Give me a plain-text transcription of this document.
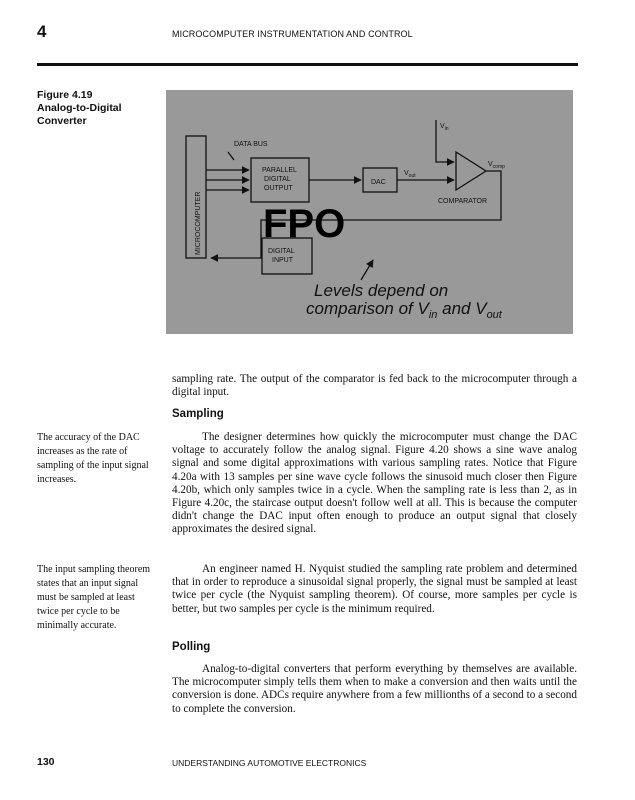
4	MICROCOMPUTER INSTRUMENTATION AND CONTROL
Figure 4.19
Analog-to-Digital
Converter
MICROCOMPUTER
DATA BUS
PARALLEL
DIGITAL
OUTPUT
DAC
$V_{out}$
$V_{in}$
$V_{comp}$
COMPARATOR
DIGITAL
INPUT
FPO
Levels depend on
comparison of $V_{in}$ and $V_{out}$
sampling rate. The output of the comparator is fed back to the microcomputer through a digital input.
Sampling
The accuracy of the DAC increases as the rate of sampling of the input signal increases.
The designer determines how quickly the microcomputer must change the DAC voltage to accurately follow the analog signal. Figure 4.20 shows a sine wave analog signal and some digital approximations with various sampling rates. Notice that Figure 4.20a with 13 samples per sine wave cycle follows the sinusoid much closer then Figure 4.20b, which only samples twice in a cycle. When the sampling rate is less than 2, as in Figure 4.20c, the staircase output doesn't follow well at all. This is because the computer didn't change the DAC input often enough to produce an output signal that closely approximates the desired signal.
The input sampling theorem states that an input signal must be sampled at least twice per cycle to be minimally accurate.
An engineer named H. Nyquist studied the sampling rate problem and determined that in order to reproduce a sinusoidal signal properly, the signal must be sampled at least twice per cycle (the Nyquist sampling theorem). Of course, more samples per cycle is better, but two samples per cycle is the minimum required.
Polling
Analog-to-digital converters that perform everything by themselves are available. The microcomputer simply tells them when to make a conversion and then waits until the conversion is done. ADCs require anywhere from a few millionths of a second to a second to complete the conversion.
130	UNDERSTANDING AUTOMOTIVE ELECTRONICS
